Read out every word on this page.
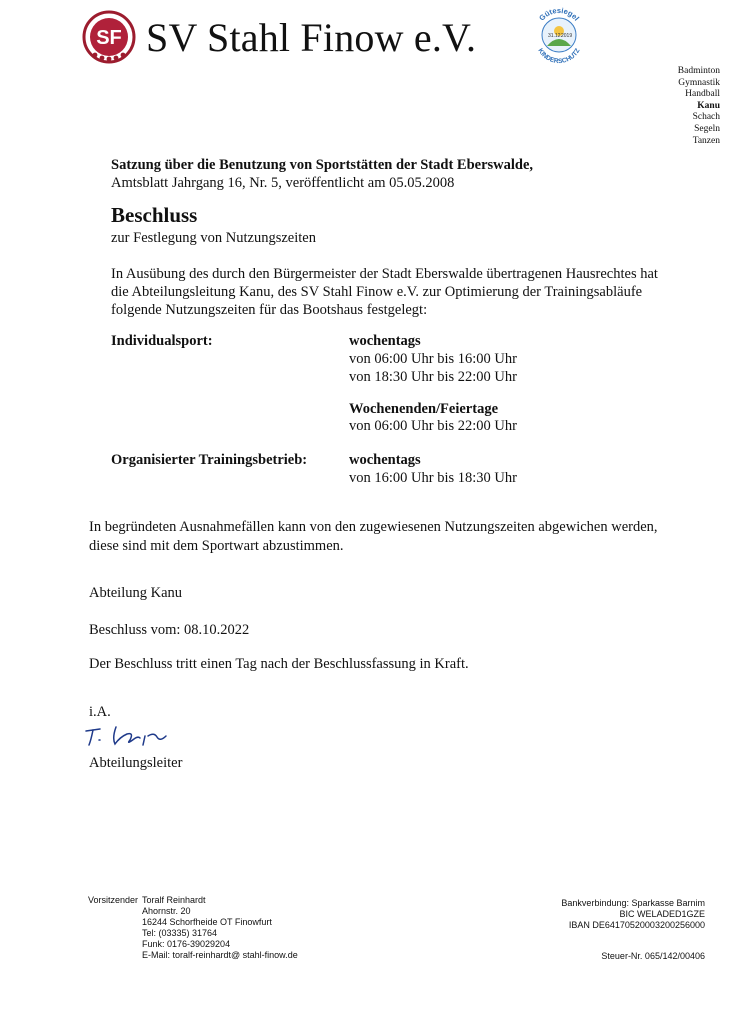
SF SV Stahl Finow e.V.	Gütesiegel
31.12. 2019
KINDERSCHUTZ
Badminton
Gymnastik
Handball
Kanu
Schach
Segeln
Tanzen
Satzung über die Benutzung von Sportstätten der Stadt Eberswalde,
Amtsblatt Jahrgang 16, Nr. 5, veröffentlicht am 05.05.2008
Beschluss
zur Festlegung von Nutzungszeiten
In Ausübung des durch den Bürgermeister der Stadt Eberswalde übertragenen Hausrechtes hat
die Abteilungsleitung Kanu, des SV Stahl Finow e.V. zur Optimierung der Trainingsabläufe
folgende Nutzungszeiten für das Bootshaus festgelegt:
Individualsport:	wochentags
von 06:00 Uhr bis 16:00 Uhr
von 18:30 Uhr bis 22:00 Uhr
Wochenenden/Feiertage
von 06:00 Uhr bis 22:00 Uhr
Organisierter Trainingsbetrieb:	wochentags
von 16:00 Uhr bis 18:30 Uhr
In begründeten Ausnahmefällen kann von den zugewiesenen Nutzungszeiten abgewichen werden,
diese sind mit dem Sportwart abzustimmen.
Abteilung Kanu
Beschluss vom: 08.10.2022
Der Beschluss tritt einen Tag nach der Beschlussfassung in Kraft.
i.A.
Abteilungsleiter
Vorsitzender Toralf Reinhardt
Ahornstr. 20
16244 Schorfheide OT Finowfurt
Tel: (03335) 31764
Funk: 0176-39029204
E-Mail: toralf-reinhardt@ stahl-finow.de
Bankverbindung: Sparkasse Barnim
BIC WELADED1GZE
IBAN DE64170520003200256000
Steuer-Nr. 065/142/00406
